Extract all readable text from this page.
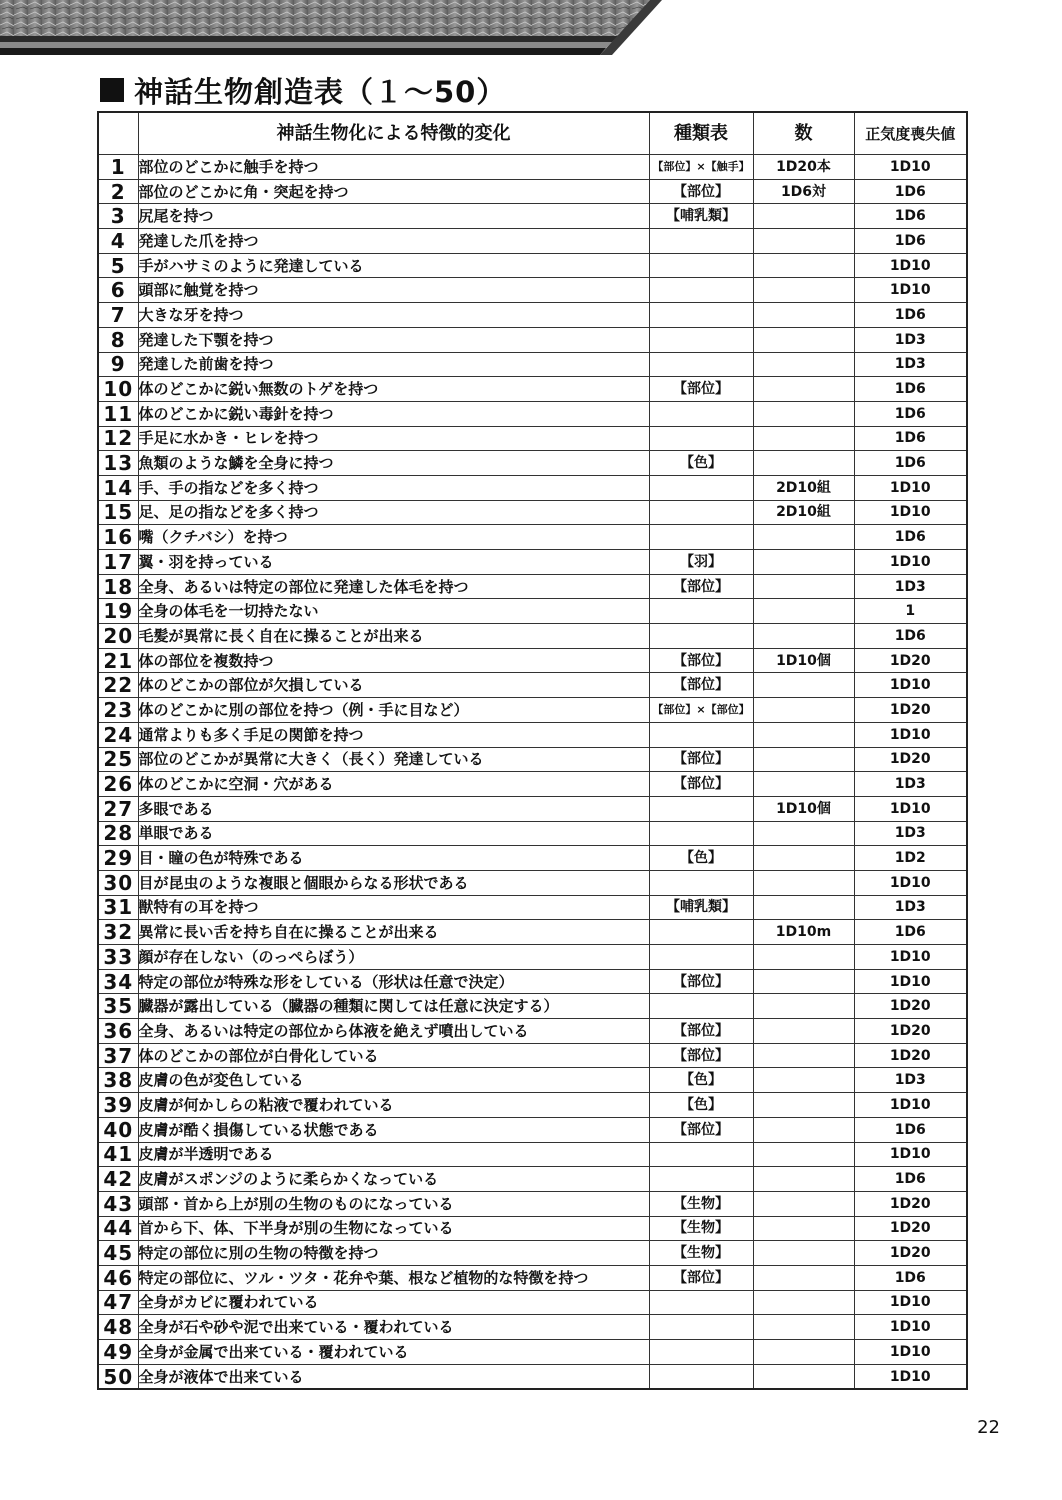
神話生物創造表（１～50）
	神話生物化による特徴的変化	種類表	数	正気度喪失値
1	部位のどこかに触手を持つ	【部位】×【触手】	1D20本	1D10
2	部位のどこかに角・突起を持つ	【部位】	1D6対	1D6
3	尻尾を持つ	【哺乳類】		1D6
4	発達した爪を持つ			1D6
5	手がハサミのように発達している			1D10
6	頭部に触覚を持つ			1D10
7	大きな牙を持つ			1D6
8	発達した下顎を持つ			1D3
9	発達した前歯を持つ			1D3
10	体のどこかに鋭い無数のトゲを持つ	【部位】		1D6
11	体のどこかに鋭い毒針を持つ			1D6
12	手足に水かき・ヒレを持つ			1D6
13	魚類のような鱗を全身に持つ	【色】		1D6
14	手、手の指などを多く持つ		2D10組	1D10
15	足、足の指などを多く持つ		2D10組	1D10
16	嘴（クチバシ）を持つ			1D6
17	翼・羽を持っている	【羽】		1D10
18	全身、あるいは特定の部位に発達した体毛を持つ	【部位】		1D3
19	全身の体毛を一切持たない			1
20	毛髪が異常に長く自在に操ることが出来る			1D6
21	体の部位を複数持つ	【部位】	1D10個	1D20
22	体のどこかの部位が欠損している	【部位】		1D10
23	体のどこかに別の部位を持つ（例・手に目など）	【部位】×【部位】		1D20
24	通常よりも多く手足の関節を持つ			1D10
25	部位のどこかが異常に大きく（長く）発達している	【部位】		1D20
26	体のどこかに空洞・穴がある	【部位】		1D3
27	多眼である		1D10個	1D10
28	単眼である			1D3
29	目・瞳の色が特殊である	【色】		1D2
30	目が昆虫のような複眼と個眼からなる形状である			1D10
31	獣特有の耳を持つ	【哺乳類】		1D3
32	異常に長い舌を持ち自在に操ることが出来る		1D10m	1D6
33	顔が存在しない（のっぺらぼう）			1D10
34	特定の部位が特殊な形をしている（形状は任意で決定）	【部位】		1D10
35	臓器が露出している（臓器の種類に関しては任意に決定する）			1D20
36	全身、あるいは特定の部位から体液を絶えず噴出している	【部位】		1D20
37	体のどこかの部位が白骨化している	【部位】		1D20
38	皮膚の色が変色している	【色】		1D3
39	皮膚が何かしらの粘液で覆われている	【色】		1D10
40	皮膚が酷く損傷している状態である	【部位】		1D6
41	皮膚が半透明である			1D10
42	皮膚がスポンジのように柔らかくなっている			1D6
43	頭部・首から上が別の生物のものになっている	【生物】		1D20
44	首から下、体、下半身が別の生物になっている	【生物】		1D20
45	特定の部位に別の生物の特徴を持つ	【生物】		1D20
46	特定の部位に、ツル・ツタ・花弁や葉、根など植物的な特徴を持つ	【部位】		1D6
47	全身がカビに覆われている			1D10
48	全身が石や砂や泥で出来ている・覆われている			1D10
49	全身が金属で出来ている・覆われている			1D10
50	全身が液体で出来ている			1D10
22
